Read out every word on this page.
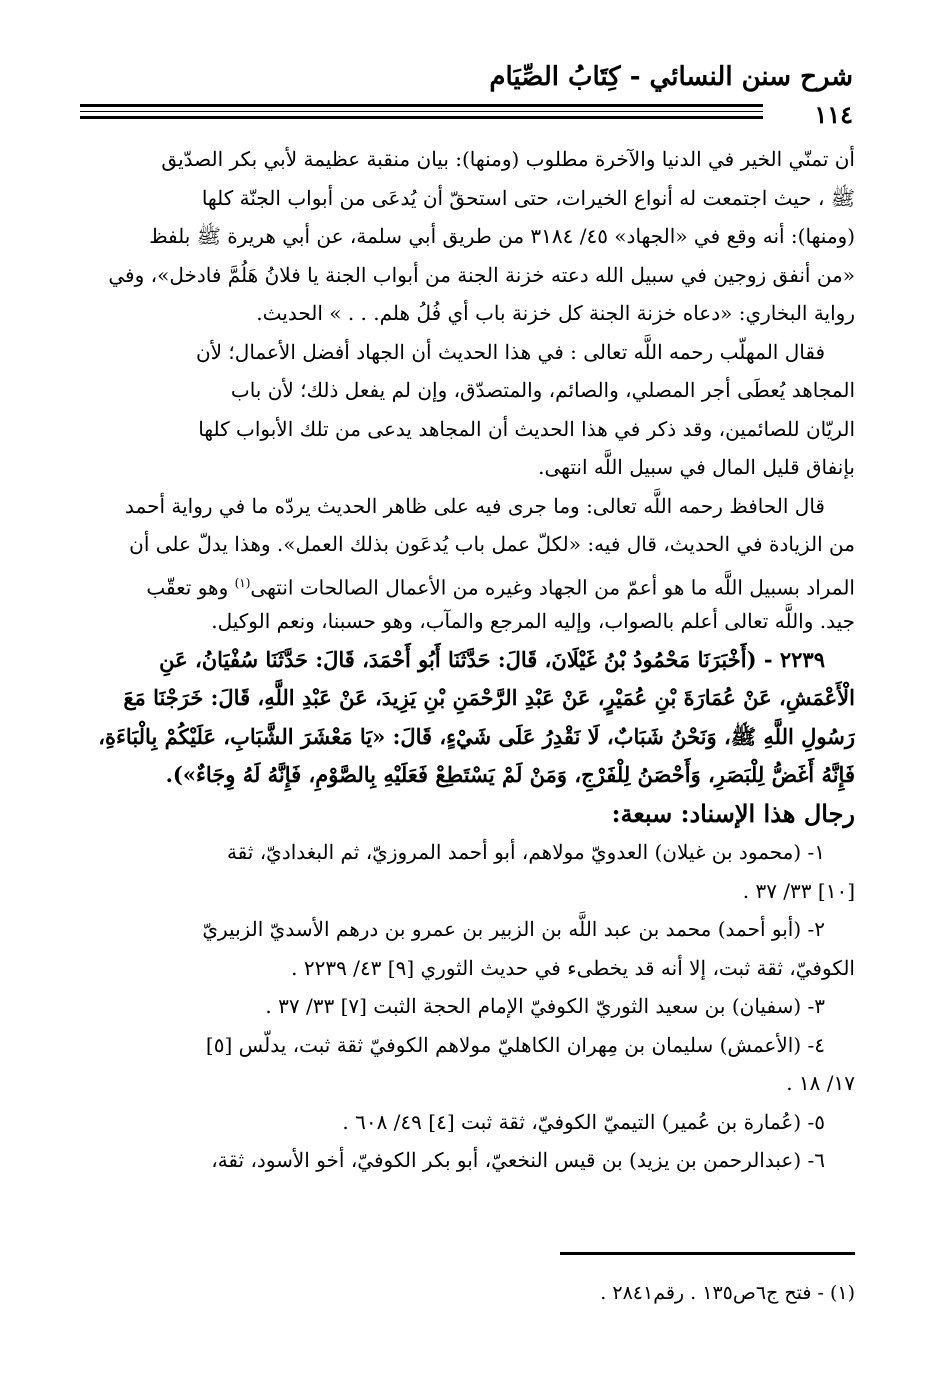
شرح سنن النسائي - كِتَابُ الصِّيَام
١١٤
أن تمنّي الخير في الدنيا والآخرة مطلوب (ومنها): بيان منقبة عظيمة لأبي بكر الصدّيق
ﷺ ، حيث اجتمعت له أنواع الخيرات، حتى استحقّ أن يُدعَى من أبواب الجنّة كلها
(ومنها): أنه وقع في «الجهاد» ٤٥/ ٣١٨٤ من طريق أبي سلمة، عن أبي هريرة ﷺ بلفظ
«من أنفق زوجين في سبيل الله دعته خزنة الجنة من أبواب الجنة يا فلانُ هَلُمَّ فادخل»، وفي
رواية البخاري: «دعاه خزنة الجنة كل خزنة باب أي فُلُ هلم. . . » الحديث.
فقال المهلّب رحمه اللَّه تعالى : في هذا الحديث أن الجهاد أفضل الأعمال؛ لأن
المجاهد يُعطَى أجر المصلي، والصائم، والمتصدّق، وإن لم يفعل ذلك؛ لأن باب
الريّان للصائمين، وقد ذكر في هذا الحديث أن المجاهد يدعى من تلك الأبواب كلها
بإنفاق قليل المال في سبيل اللَّه انتهى.
قال الحافظ رحمه اللَّه تعالى: وما جرى فيه على ظاهر الحديث يردّه ما في رواية أحمد
من الزيادة في الحديث، قال فيه: «لكلّ عمل باب يُدعَون بذلك العمل». وهذا يدلّ على أن
المراد بسبيل اللَّه ما هو أعمّ من الجهاد وغيره من الأعمال الصالحات انتهى$^{(١)}$ وهو تعقّب
جيد. واللَّه تعالى أعلم بالصواب، وإليه المرجع والمآب، وهو حسبنا، ونعم الوكيل.
٢٢٣٩ - (أَخْبَرَنَا مَحْمُودُ بْنُ غَيْلَانَ، قَالَ: حَدَّثَنَا أَبُو أَحْمَدَ، قَالَ: حَدَّثَنَا سُفْيَانُ، عَنِ
الْأَعْمَشِ، عَنْ عُمَارَةَ بْنِ عُمَيْرٍ، عَنْ عَبْدِ الرَّحْمَنِ بْنِ يَزِيدَ، عَنْ عَبْدِ اللَّهِ، قَالَ: خَرَجْنَا مَعَ
رَسُولِ اللَّهِ ﷺ، وَنَحْنُ شَبَابٌ، لَا نَقْدِرُ عَلَى شَيْءٍ، قَالَ: «يَا مَعْشَرَ الشَّبَابِ، عَلَيْكُمْ بِالْبَاءَةِ،
فَإِنَّهُ أَغَضُّ لِلْبَصَرِ، وَأَحْصَنُ لِلْفَرْجِ، وَمَنْ لَمْ يَسْتَطِعْ فَعَلَيْهِ بِالصَّوْمِ، فَإِنَّهُ لَهُ وِجَاءٌ»).
رجال هذا الإسناد: سبعة:
١- (محمود بن غيلان) العدويّ مولاهم، أبو أحمد المروزيّ، ثم البغداديّ، ثقة
[١٠] ٣٣/ ٣٧ .
٢- (أبو أحمد) محمد بن عبد اللَّه بن الزبير بن عمرو بن درهم الأسديّ الزبيريّ
الكوفيّ، ثقة ثبت، إلا أنه قد يخطىء في حديث الثوري [٩] ٤٣/ ٢٢٣٩ .
٣- (سفيان) بن سعيد الثوريّ الكوفيّ الإمام الحجة الثبت [٧] ٣٣/ ٣٧ .
٤- (الأعمش) سليمان بن مِهران الكاهليّ مولاهم الكوفيّ ثقة ثبت، يدلّس [٥]
١٧/ ١٨ .
٥- (عُمارة بن عُمير) التيميّ الكوفيّ، ثقة ثبت [٤] ٤٩/ ٦٠٨ .
٦- (عبدالرحمن بن يزيد) بن قيس النخعيّ، أبو بكر الكوفيّ، أخو الأسود، ثقة،
(١) - فتح ج٦ص١٣٥ . رقم٢٨٤١ .
